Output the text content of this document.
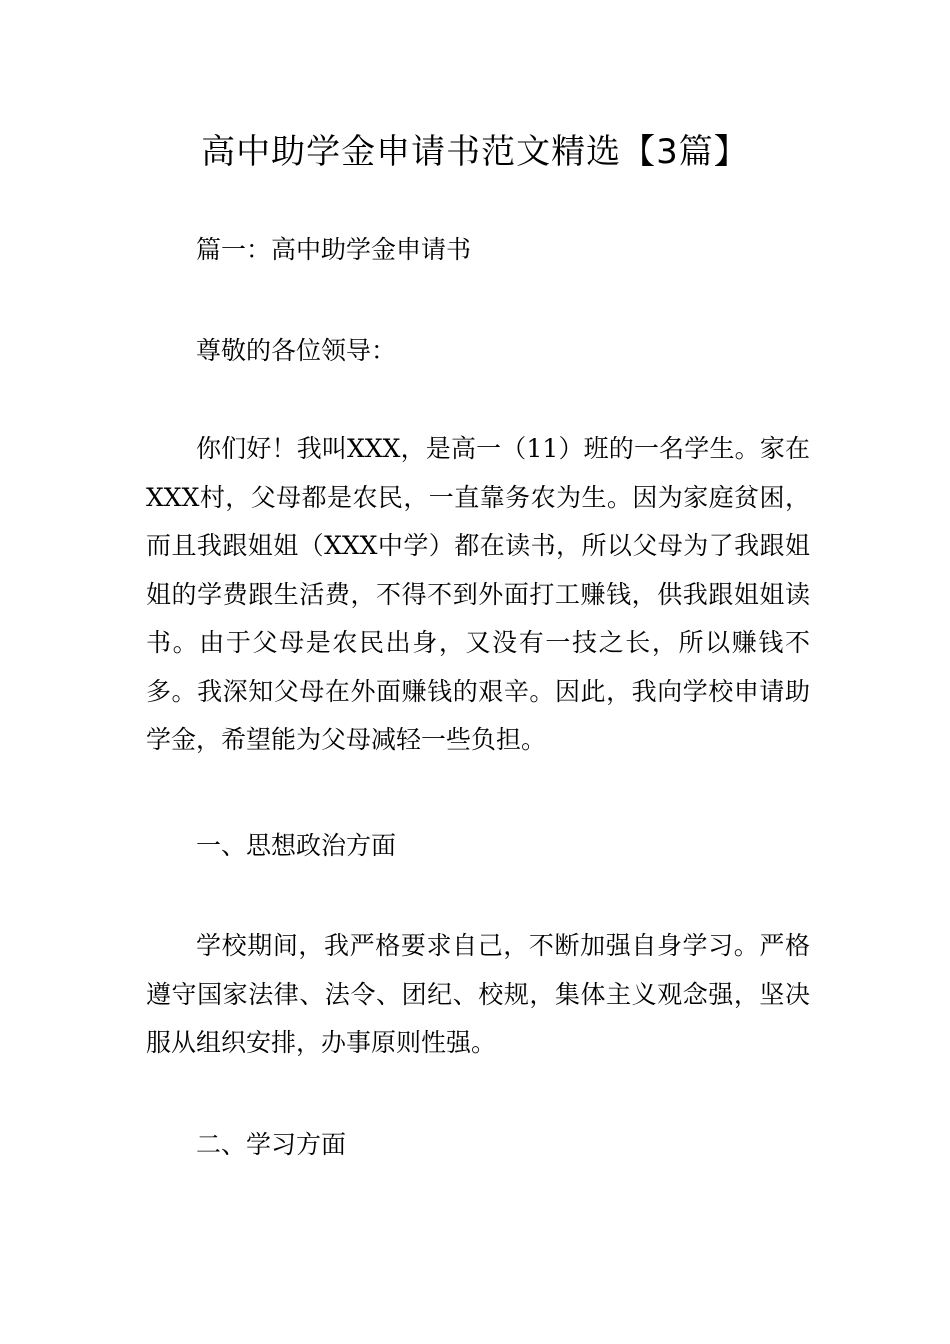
高中助学金申请书范文精选【3篇】

篇一：高中助学金申请书

尊敬的各位领导：

你们好！我叫XXX，是高一（11）班的一名学生。家在XXX村，父母都是农民，一直靠务农为生。因为家庭贫困，而且我跟姐姐（XXX中学）都在读书，所以父母为了我跟姐姐的学费跟生活费，不得不到外面打工赚钱，供我跟姐姐读书。由于父母是农民出身，又没有一技之长，所以赚钱不多。我深知父母在外面赚钱的艰辛。因此，我向学校申请助学金，希望能为父母减轻一些负担。

一、思想政治方面

学校期间，我严格要求自己，不断加强自身学习。严格遵守国家法律、法令、团纪、校规，集体主义观念强，坚决服从组织安排，办事原则性强。

二、学习方面
